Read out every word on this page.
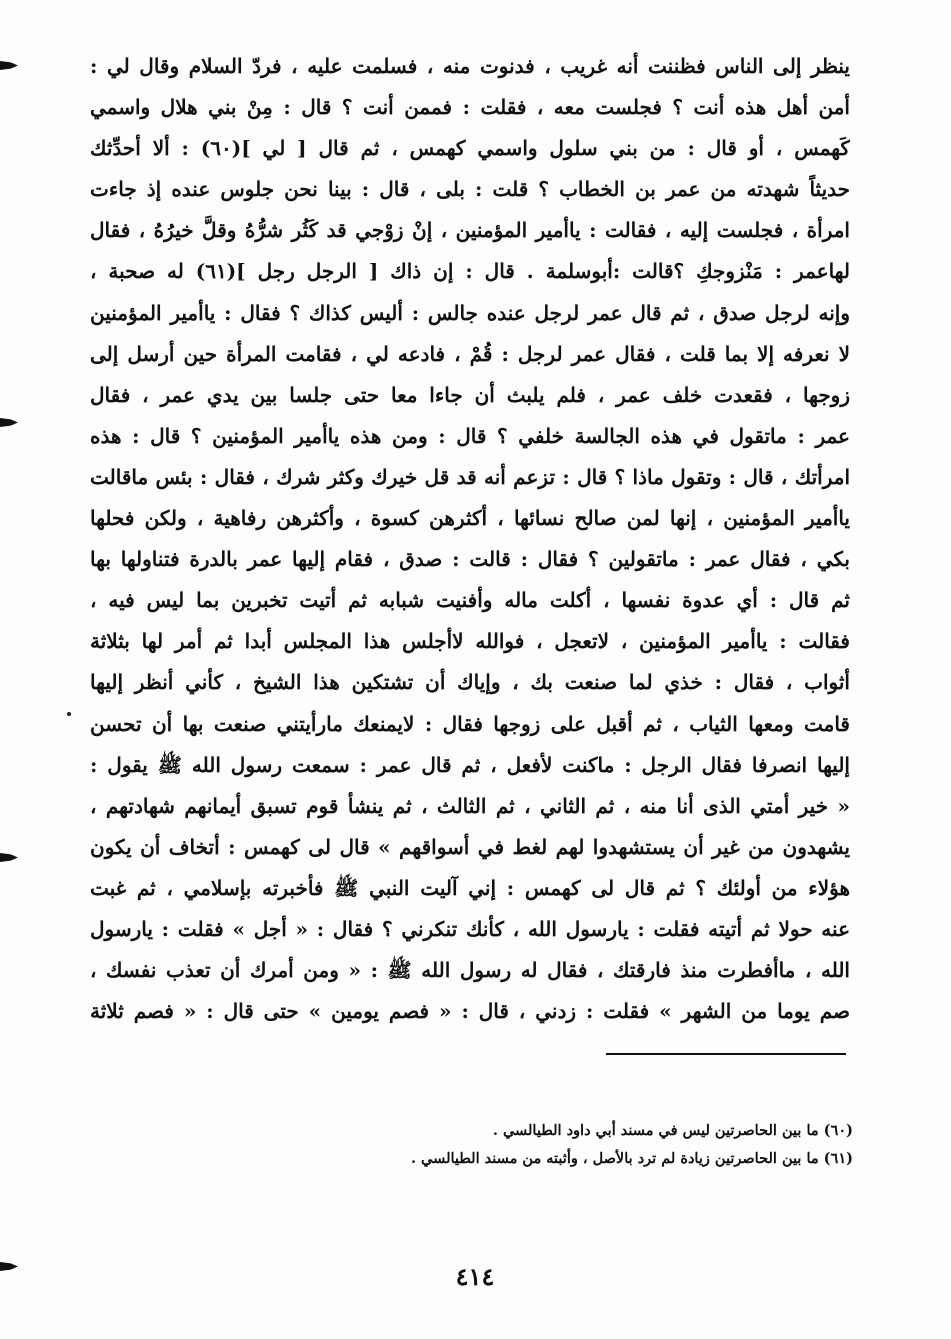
ينظر إلى الناس فظننت أنه غريب ، فدنوت منه ، فسلمت عليه ، فردّ السلام وقال لي :
أمن أهل هذه أنت ؟ فجلست معه ، فقلت : فممن أنت ؟ قال : مِنْ بني هلال واسمي
كَهمس ، أو قال : من بني سلول واسمي كهمس ، ثم قال [ لي ](٦٠) : ألا أحدِّثك
حديثاً شهدته من عمر بن الخطاب ؟ قلت : بلى ، قال : بينا نحن جلوس عنده إذ جاءت
امرأة ، فجلست إليه ، فقالت : ياأمير المؤمنين ، إنْ زوْجي قد كَثُر شرُّهُ وقلَّ خيرُهُ ، فقال
لهاعمر : مَنْزوجكِ ؟قالت :أبوسلمة . قال : إن ذاك [ الرجل رجل ](٦١) له صحبة ،
وإنه لرجل صدق ، ثم قال عمر لرجل عنده جالس : أليس كذاك ؟ فقال : ياأمير المؤمنين
لا نعرفه إلا بما قلت ، فقال عمر لرجل : قُمْ ، فادعه لي ، فقامت المرأة حين أرسل إلى
زوجها ، فقعدت خلف عمر ، فلم يلبث أن جاءا معا حتى جلسا بين يدي عمر ، فقال
عمر : ماتقول في هذه الجالسة خلفي ؟ قال : ومن هذه ياأمير المؤمنين ؟ قال : هذه
امرأتك ، قال : وتقول ماذا ؟ قال : تزعم أنه قد قل خيرك وكثر شرك ، فقال : بئس ماقالت
ياأمير المؤمنين ، إنها لمن صالح نسائها ، أكثرهن كسوة ، وأكثرهن رفاهية ، ولكن فحلها
بكي ، فقال عمر : ماتقولين ؟ فقال : قالت : صدق ، فقام إليها عمر بالدرة فتناولها بها
ثم قال : أي عدوة نفسها ، أكلت ماله وأفنيت شبابه ثم أتيت تخبرين بما ليس فيه ،
فقالت : ياأمير المؤمنين ، لاتعجل ، فوالله لاأجلس هذا المجلس أبدا ثم أمر لها بثلاثة
أثواب ، فقال : خذي لما صنعت بك ، وإياك أن تشتكين هذا الشيخ ، كأني أنظر إليها
قامت ومعها الثياب ، ثم أقبل على زوجها فقال : لايمنعك مارأيتني صنعت بها أن تحسن
إليها انصرفا فقال الرجل : ماكنت لأفعل ، ثم قال عمر : سمعت رسول الله ﷺ يقول :
« خير أمتي الذى أنا منه ، ثم الثاني ، ثم الثالث ، ثم ينشأ قوم تسبق أيمانهم شهادتهم ،
يشهدون من غير أن يستشهدوا لهم لغط في أسواقهم » قال لى كهمس : أتخاف أن يكون
هؤلاء من أولئك ؟ ثم قال لى كهمس : إني آليت النبي ﷺ فأخبرته بإسلامي ، ثم غبت
عنه حولا ثم أتيته فقلت : يارسول الله ، كأنك تنكرني ؟ فقال : « أجل » فقلت : يارسول
الله ، ماأفطرت منذ فارقتك ، فقال له رسول الله ﷺ : « ومن أمرك أن تعذب نفسك ،
صم يوما من الشهر » فقلت : زدني ، قال : « فصم يومين » حتى قال : « فصم ثلاثة
(٦٠) ما بين الحاصرتين ليس في مسند أبي داود الطيالسي .
(٦١) ما بين الحاصرتين زيادة لم ترد بالأصل ، وأثبته من مسند الطيالسي .
٤١٤
